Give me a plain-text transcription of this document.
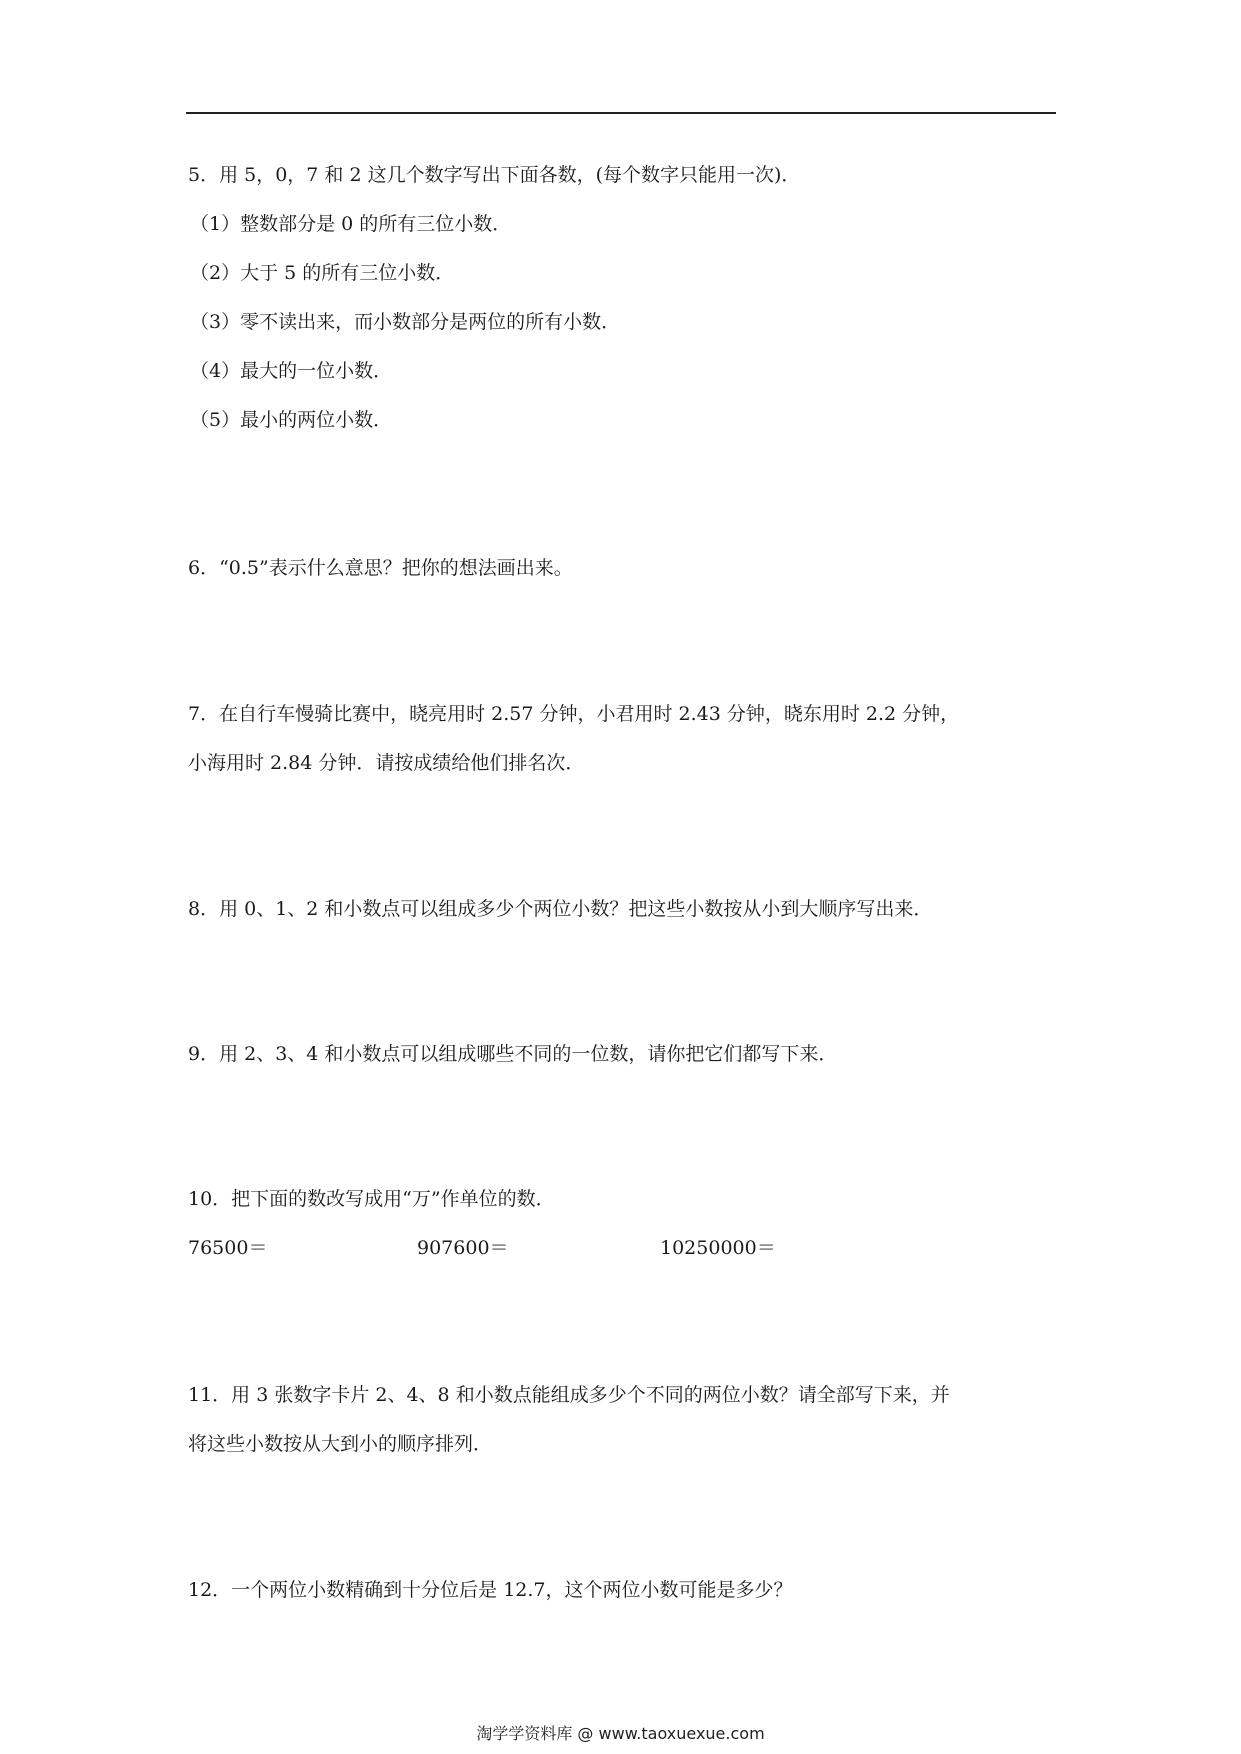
5．用 5，0，7 和 2 这几个数字写出下面各数，(每个数字只能用一次)．
（1）整数部分是 0 的所有三位小数．
（2）大于 5 的所有三位小数．
（3）零不读出来，而小数部分是两位的所有小数．
（4）最大的一位小数．
（5）最小的两位小数．
6．“0.5”表示什么意思？把你的想法画出来。
7．在自行车慢骑比赛中，晓亮用时 2.57 分钟，小君用时 2.43 分钟，晓东用时 2.2 分钟，
小海用时 2.84 分钟．请按成绩给他们排名次．
8．用 0、1、2 和小数点可以组成多少个两位小数？把这些小数按从小到大顺序写出来．
9．用 2、3、4 和小数点可以组成哪些不同的一位数，请你把它们都写下来．
10．把下面的数改写成用“万”作单位的数．
76500＝	907600＝	10250000＝
11．用 3 张数字卡片 2、4、8 和小数点能组成多少个不同的两位小数？请全部写下来，并
将这些小数按从大到小的顺序排列．
12．一个两位小数精确到十分位后是 12.7，这个两位小数可能是多少？
淘学学资料库 @ www.taoxuexue.com
